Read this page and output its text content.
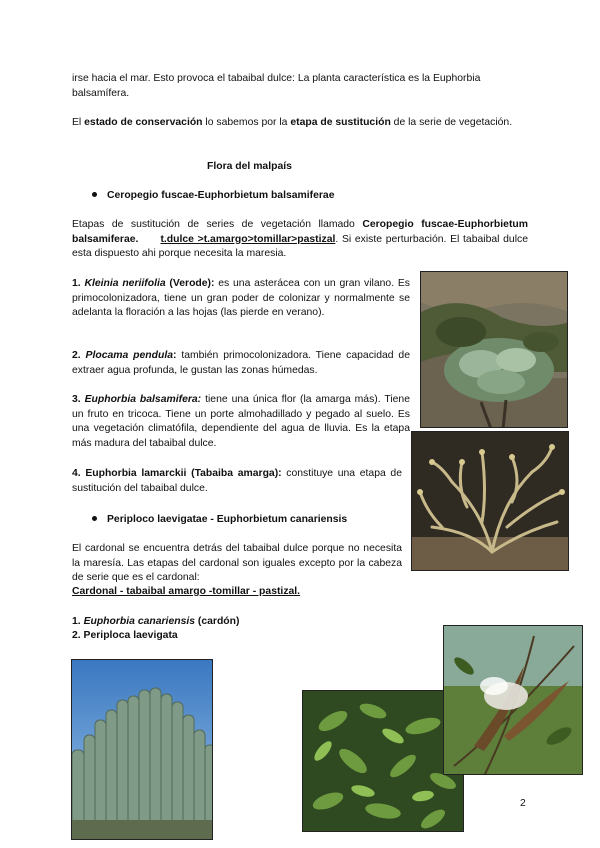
irse hacia el mar. Esto provoca el tabaibal dulce: La planta característica es la Euphorbia
balsamífera.
El estado de conservación lo sabemos por la etapa de sustitución de la serie de vegetación.
Flora del malpaís
Ceropegio fuscae-Euphorbietum balsamiferae
Etapas de sustitución de series de vegetación llamado Ceropegio fuscae-Euphorbietum balsamiferae. t.dulce >t.amargo>tomillar>pastizal. Si existe perturbación. El tabaibal dulce esta dispuesto ahi porque necesita la maresia.
1. Kleinia neriifolia (Verode): es una asterácea con un gran vilano. Es primocolonizadora, tiene un gran poder de colonizar y normalmente se adelanta la floración a las hojas (las pierde en verano).
2. Plocama pendula: también primocolonizadora. Tiene capacidad de extraer agua profunda, le gustan las zonas húmedas.
3. Euphorbia balsamifera: tiene una única flor (la amarga más). Tiene un fruto en tricoca. Tiene un porte almohadillado y pegado al suelo. Es una vegetación climatófila, dependiente del agua de lluvia. Es la etapa más madura del tabaibal dulce.
4. Euphorbia lamarckii (Tabaiba amarga): constituye una etapa de sustitución del tabaibal dulce.
Periploco laevigatae - Euphorbietum canariensis
El cardonal se encuentra detrás del tabaibal dulce porque no necesita la maresía. Las etapas del cardonal son iguales excepto por la cabeza de serie que es el cardonal:
Cardonal - tabaibal amargo -tomillar - pastizal.
1. Euphorbia canariensis (cardón)
2. Periploca laevigata
2
